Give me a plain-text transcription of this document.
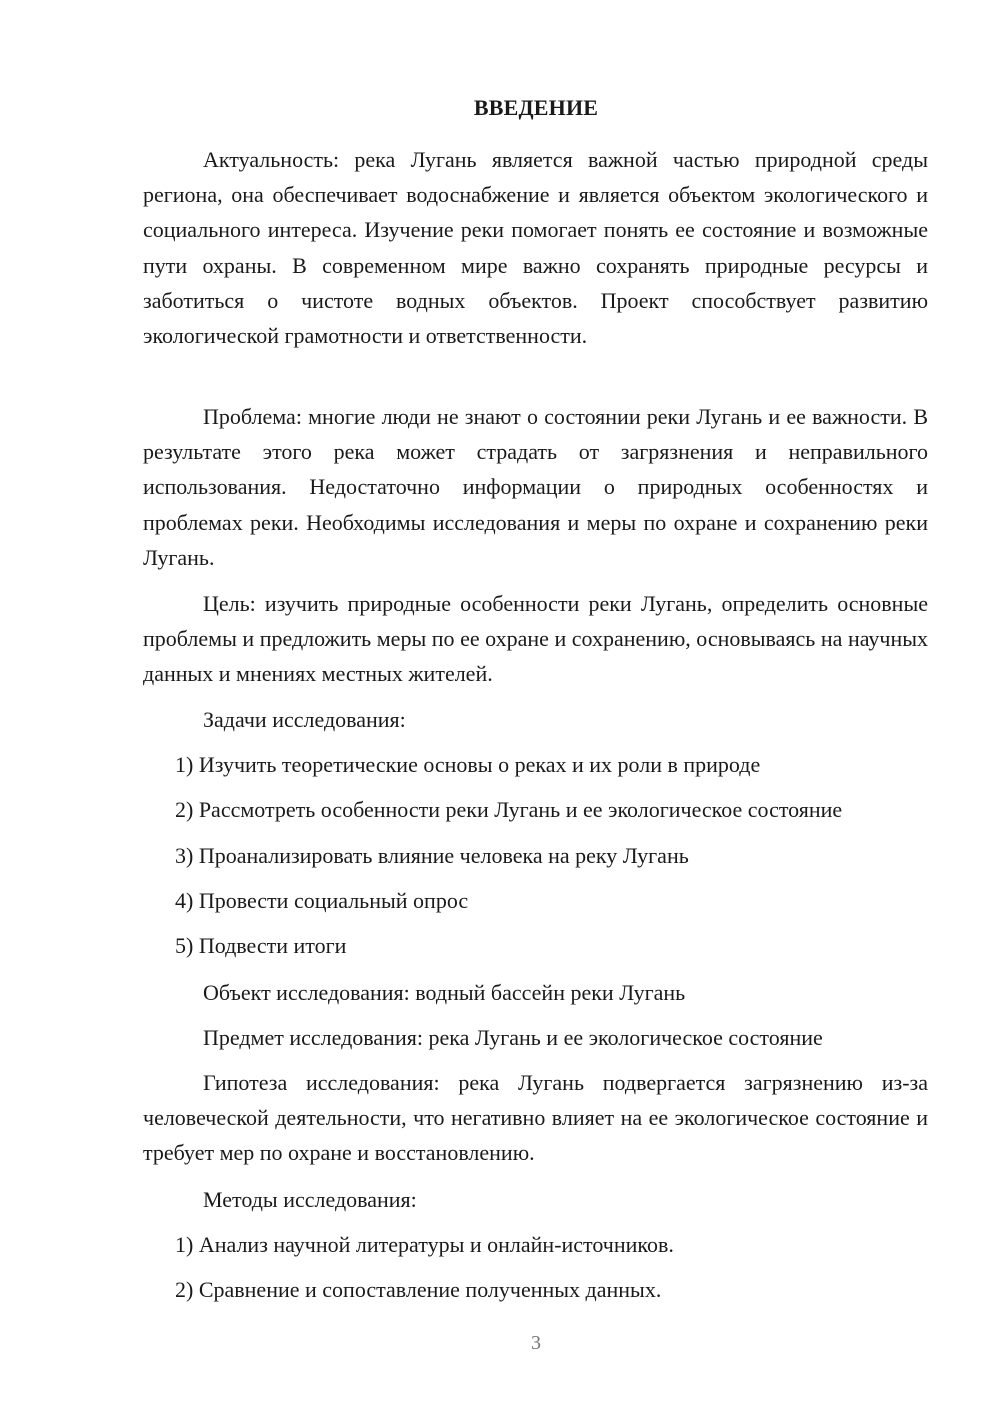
ВВЕДЕНИЕ

Актуальность: река Лугань является важной частью природной среды региона, она обеспечивает водоснабжение и является объектом экологического и социального интереса. Изучение реки помогает понять ее состояние и возможные пути охраны. В современном мире важно сохранять природные ресурсы и заботиться о чистоте водных объектов. Проект способствует развитию экологической грамотности и ответственности.

Проблема: многие люди не знают о состоянии реки Лугань и ее важности. В результате этого река может страдать от загрязнения и неправильного использования. Недостаточно информации о природных особенностях и проблемах реки. Необходимы исследования и меры по охране и сохранению реки Лугань.

Цель: изучить природные особенности реки Лугань, определить основные проблемы и предложить меры по ее охране и сохранению, основываясь на научных данных и мнениях местных жителей.

Задачи исследования:

1) Изучить теоретические основы о реках и их роли в природе

2) Рассмотреть особенности реки Лугань и ее экологическое состояние

3) Проанализировать влияние человека на реку Лугань

4) Провести социальный опрос

5) Подвести итоги

Объект исследования: водный бассейн реки Лугань

Предмет исследования: река Лугань и ее экологическое состояние

Гипотеза исследования: река Лугань подвергается загрязнению из-за человеческой деятельности, что негативно влияет на ее экологическое состояние и требует мер по охране и восстановлению.

Методы исследования:

1) Анализ научной литературы и онлайн-источников.

2) Сравнение и сопоставление полученных данных.

3
